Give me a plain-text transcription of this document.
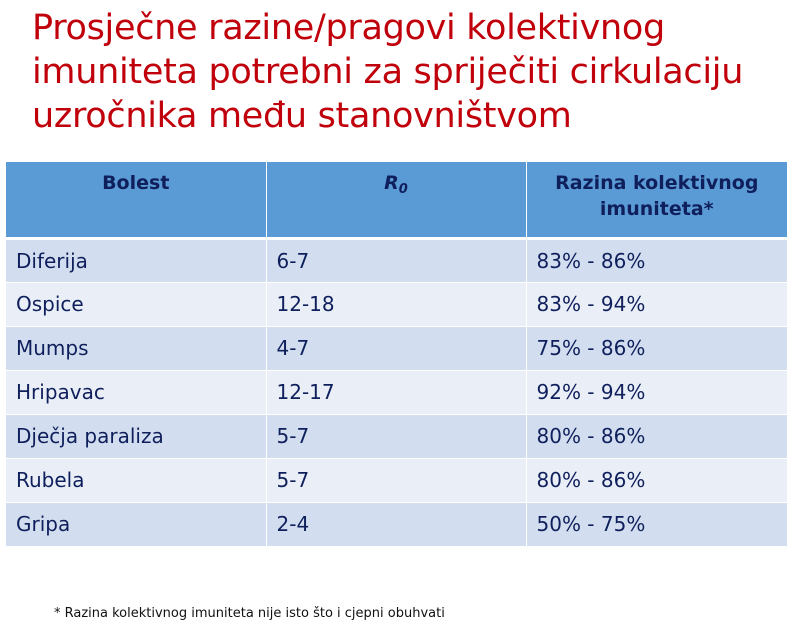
Prosječne razine/pragovi kolektivnog imuniteta potrebni za spriječiti cirkulaciju uzročnika među stanovništvom
Bolest	$R_0$	Razina kolektivnog imuniteta*
Diferija	6-7	83% - 86%
Ospice	12-18	83% - 94%
Mumps	4-7	75% - 86%
Hripavac	12-17	92% - 94%
Dječja paraliza	5-7	80% - 86%
Rubela	5-7	80% - 86%
Gripa	2-4	50% - 75%

* Razina kolektivnog imuniteta nije isto što i cjepni obuhvati
